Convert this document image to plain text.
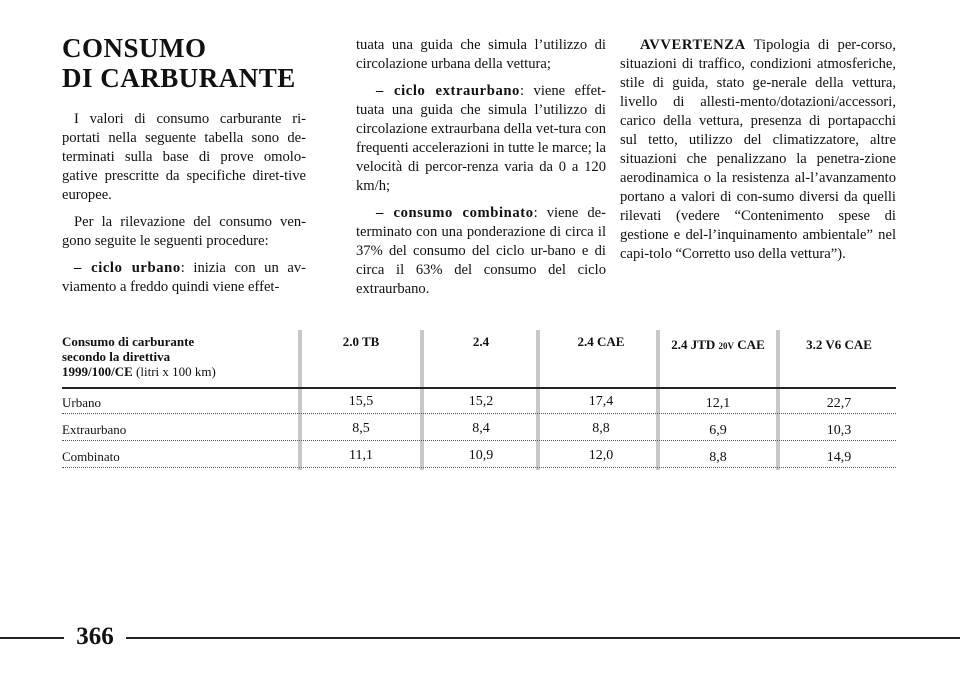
CONSUMO
DI CARBURANTE

I valori di consumo carburante ri-portati nella seguente tabella sono de-terminati sulla base di prove omolo-gative prescritte da specifiche diret-tive europee.

Per la rilevazione del consumo ven-gono seguite le seguenti procedure:

– ciclo urbano: inizia con un av-viamento a freddo quindi viene effet-

tuata una guida che simula l’utilizzo di circolazione urbana della vettura;

– ciclo extraurbano: viene effet-tuata una guida che simula l’utilizzo di circolazione extraurbana della vet-tura con frequenti accelerazioni in tutte le marce; la velocità di percor-renza varia da 0 a 120 km/h;

– consumo combinato: viene de-terminato con una ponderazione di circa il 37% del consumo del ciclo ur-bano e di circa il 63% del consumo del ciclo extraurbano.

AVVERTENZA Tipologia di per-corso, situazioni di traffico, condizioni atmosferiche, stile di guida, stato ge-nerale della vettura, livello di allesti-mento/dotazioni/accessori, carico della vettura, presenza di portapacchi sul tetto, utilizzo del climatizzatore, altre situazioni che penalizzano la penetra-zione aerodinamica o la resistenza al-l’avanzamento portano a valori di con-sumo diversi da quelli rilevati (vedere “Contenimento spese di gestione e del-l’inquinamento ambientale” nel capi-tolo “Corretto uso della vettura”).

Consumo di carburante
secondo la direttiva
1999/100/CE (litri x 100 km)
2.0 TB	2.4	2.4 CAE	2.4 JTD 20V CAE	3.2 V6 CAE
Urbano	15,5	15,2	17,4	12,1	22,7
Extraurbano	8,5	8,4	8,8	6,9	10,3
Combinato	11,1	10,9	12,0	8,8	14,9
366
